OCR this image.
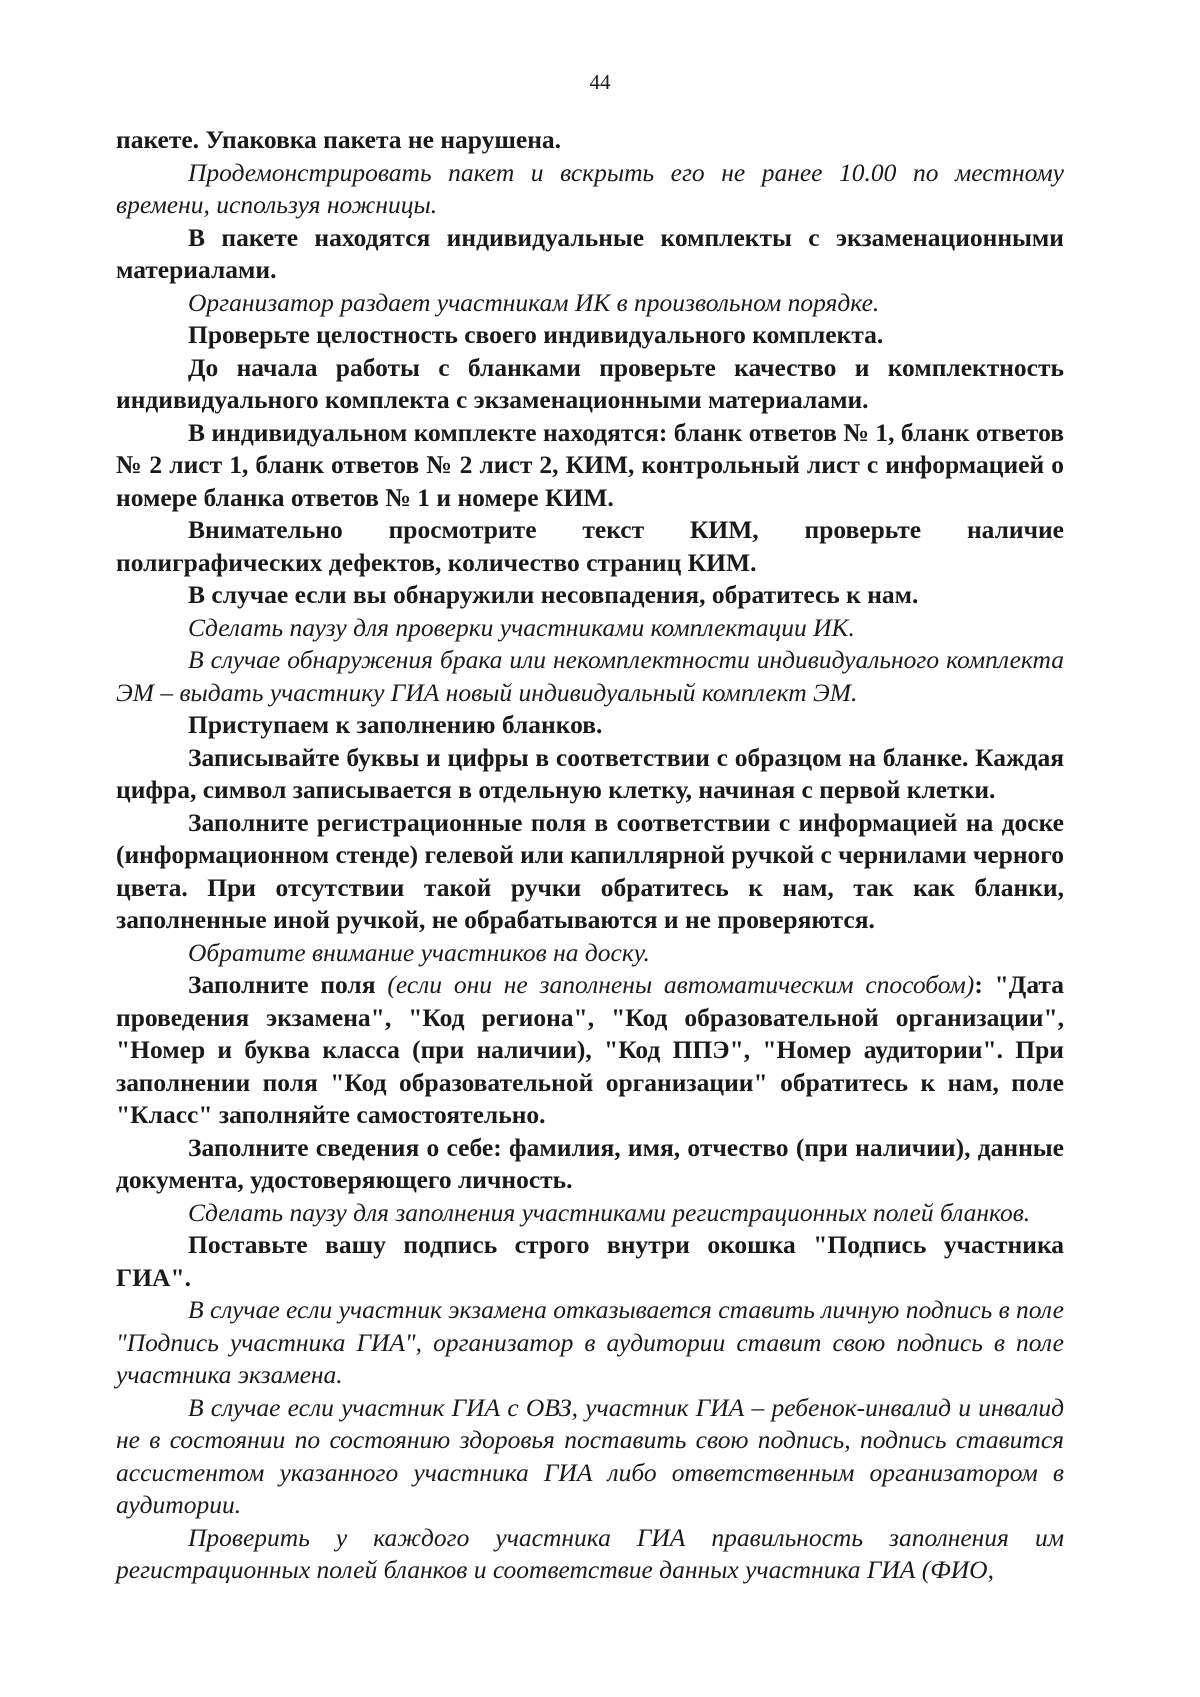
44

пакете. Упаковка пакета не нарушена.

Продемонстрировать пакет и вскрыть его не ранее 10.00 по местному времени, используя ножницы.

В пакете находятся индивидуальные комплекты с экзаменационными материалами.

Организатор раздает участникам ИК в произвольном порядке.

Проверьте целостность своего индивидуального комплекта.

До начала работы с бланками проверьте качество и комплектность индивидуального комплекта с экзаменационными материалами.

В индивидуальном комплекте находятся: бланк ответов № 1, бланк ответов № 2 лист 1, бланк ответов № 2 лист 2, КИМ, контрольный лист с информацией о номере бланка ответов № 1 и номере КИМ.

Внимательно просмотрите текст КИМ, проверьте наличие полиграфических дефектов, количество страниц КИМ.

В случае если вы обнаружили несовпадения, обратитесь к нам.

Сделать паузу для проверки участниками комплектации ИК.

В случае обнаружения брака или некомплектности индивидуального комплекта ЭМ – выдать участнику ГИА новый индивидуальный комплект ЭМ.

Приступаем к заполнению бланков.

Записывайте буквы и цифры в соответствии с образцом на бланке. Каждая цифра, символ записывается в отдельную клетку, начиная с первой клетки.

Заполните регистрационные поля в соответствии с информацией на доске (информационном стенде) гелевой или капиллярной ручкой с чернилами черного цвета. При отсутствии такой ручки обратитесь к нам, так как бланки, заполненные иной ручкой, не обрабатываются и не проверяются.

Обратите внимание участников на доску.

Заполните поля (если они не заполнены автоматическим способом): "Дата проведения экзамена", "Код региона", "Код образовательной организации", "Номер и буква класса (при наличии), "Код ППЭ", "Номер аудитории". При заполнении поля "Код образовательной организации" обратитесь к нам, поле "Класс" заполняйте самостоятельно.

Заполните сведения о себе: фамилия, имя, отчество (при наличии), данные документа, удостоверяющего личность.

Сделать паузу для заполнения участниками регистрационных полей бланков.

Поставьте вашу подпись строго внутри окошка "Подпись участника ГИА".

В случае если участник экзамена отказывается ставить личную подпись в поле "Подпись участника ГИА", организатор в аудитории ставит свою подпись в поле участника экзамена.

В случае если участник ГИА с ОВЗ, участник ГИА – ребенок-инвалид и инвалид не в состоянии по состоянию здоровья поставить свою подпись, подпись ставится ассистентом указанного участника ГИА либо ответственным организатором в аудитории.

Проверить у каждого участника ГИА правильность заполнения им регистрационных полей бланков и соответствие данных участника ГИА (ФИО,
